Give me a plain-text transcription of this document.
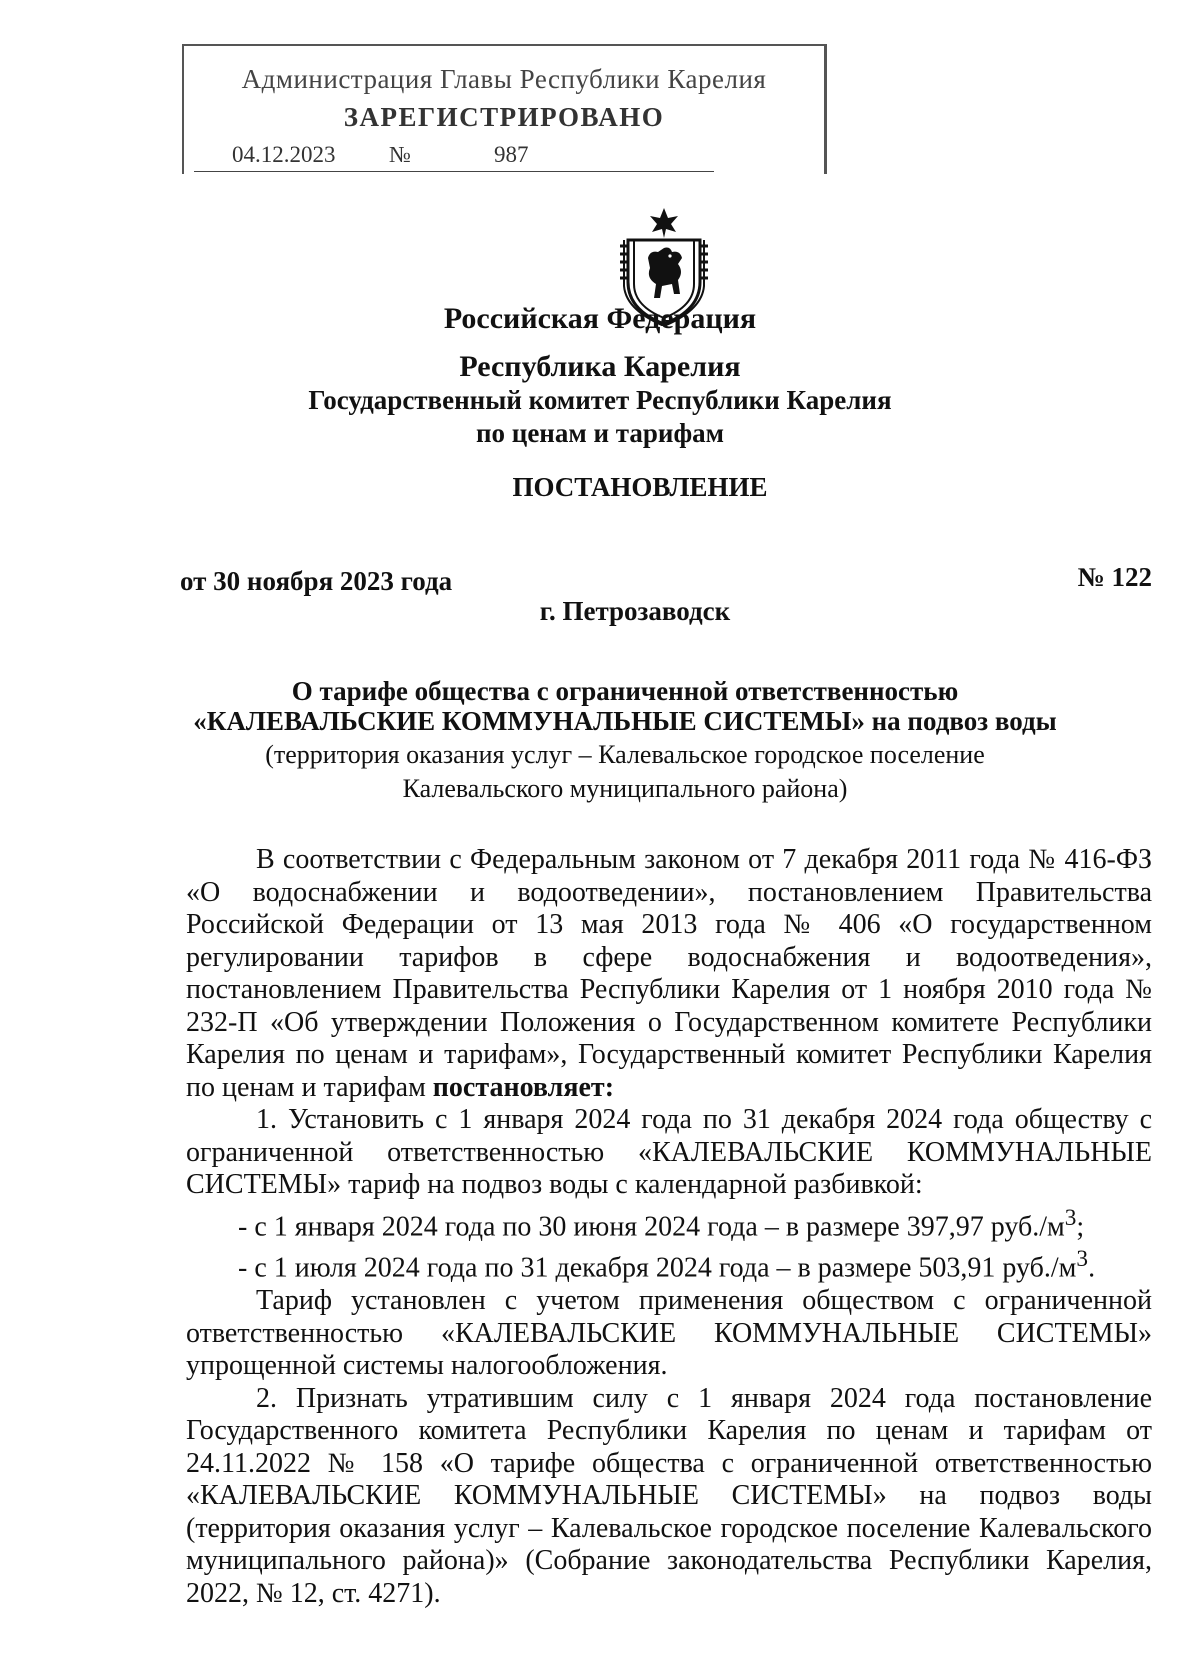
Администрация Главы Республики Карелия
ЗАРЕГИСТРИРОВАНО
04.12.2023 №	987
Российская Федерация
Республика Карелия
Государственный комитет Республики Карелия
по ценам и тарифам
ПОСТАНОВЛЕНИЕ
от 30 ноября 2023 года	№ 122
г. Петрозаводск
О тарифе общества с ограниченной ответственностью
«КАЛЕВАЛЬСКИЕ КОММУНАЛЬНЫЕ СИСТЕМЫ» на подвоз воды
(территория оказания услуг – Калевальское городское поселение
Калевальского муниципального района)

В соответствии с Федеральным законом от 7 декабря 2011 года № 416-ФЗ «О водоснабжении и водоотведении», постановлением Правительства Российской Федерации от 13 мая 2013 года № 406 «О государственном регулировании тарифов в сфере водоснабжения и водоотведения», постановлением Правительства Республики Карелия от 1 ноября 2010 года № 232-П «Об утверждении Положения о Государственном комитете Республики Карелия по ценам и тарифам», Государственный комитет Республики Карелия по ценам и тарифам постановляет:

1. Установить с 1 января 2024 года по 31 декабря 2024 года обществу с ограниченной ответственностью «КАЛЕВАЛЬСКИЕ КОММУНАЛЬНЫЕ СИСТЕМЫ» тариф на подвоз воды с календарной разбивкой:

- с 1 января 2024 года по 30 июня 2024 года – в размере 397,97 $руб./м^3$;

- с 1 июля 2024 года по 31 декабря 2024 года – в размере 503,91 $руб./м^3$.

Тариф установлен с учетом применения обществом с ограниченной ответственностью «КАЛЕВАЛЬСКИЕ КОММУНАЛЬНЫЕ СИСТЕМЫ» упрощенной системы налогообложения.

2. Признать утратившим силу с 1 января 2024 года постановление Государственного комитета Республики Карелия по ценам и тарифам от 24.11.2022 № 158 «О тарифе общества с ограниченной ответственностью «КАЛЕВАЛЬСКИЕ КОММУНАЛЬНЫЕ СИСТЕМЫ» на подвоз воды (территория оказания услуг – Калевальское городское поселение Калевальского муниципального района)» (Собрание законодательства Республики Карелия, 2022, № 12, ст. 4271).
